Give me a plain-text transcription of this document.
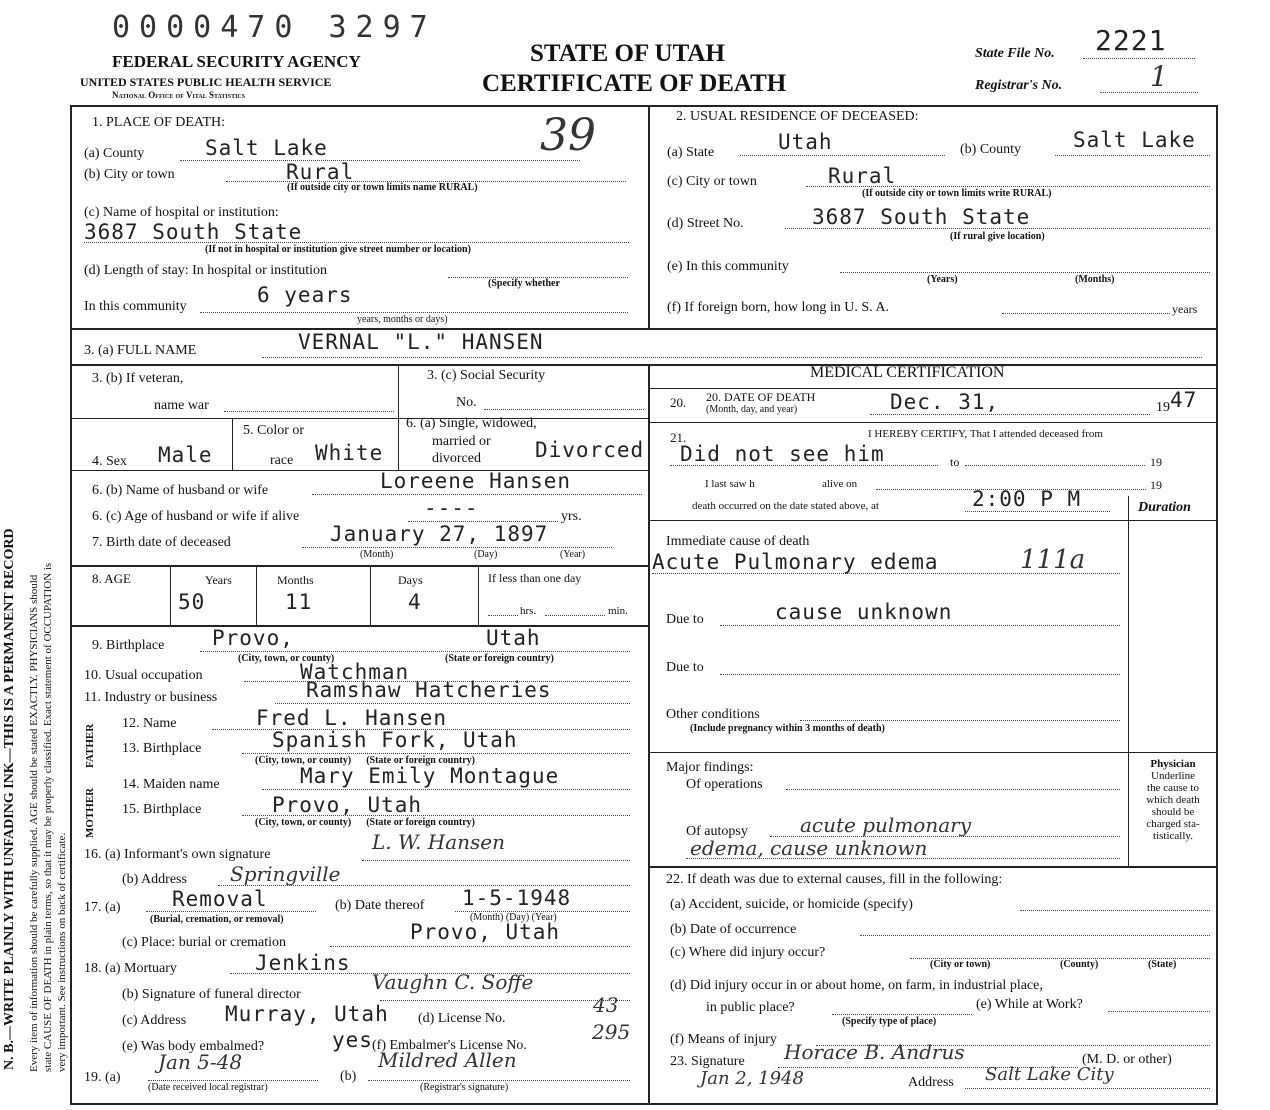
0000470 3297
FEDERAL SECURITY AGENCY
UNITED STATES PUBLIC HEALTH SERVICE
National Office of Vital Statistics
STATE OF UTAH
CERTIFICATE OF DEATH
State File No. 2221
Registrar's No.	1
39
N. B.—WRITE PLAINLY WITH UNFADING INK—THIS IS A PERMANENT RECORD Every item of information should be carefully supplied. AGE should be stated EXACTLY. PHYSICIANS should state CAUSE OF DEATH in plain terms, so that it may be properly classified. Exact statement of OCCUPATION is very important. See instructions on back of certificate.
1. PLACE OF DEATH:
(a) County	Salt Lake
(b) City or town	Rural
(If outside city or town limits name RURAL)
(c) Name of hospital or institution:
3687 South State
(If not in hospital or institution give street number or location)
(d) Length of stay: In hospital or institution
(Specify whether
In this community	6 years
years, months or days)
2. USUAL RESIDENCE OF DECEASED:
(a) State	Utah	(b) County Salt Lake
(c) City or town	Rural
(If outside city or town limits write RURAL)
(d) Street No.	3687 South State
(If rural give location)
(e) In this community
(Years)	(Months)
(f) If foreign born, how long in U. S. A.	years
3. (a) FULL NAME	VERNAL "L." HANSEN
3. (b) If veteran,
name war
3. (c) Social Security
No.
4. Sex Male
5. Color or
race White
6. (a) Single, widowed,
married or
divorced	Divorced
6. (b) Name of husband or wife	Loreene Hansen
6. (c) Age of husband or wife if alive	----	yrs.
7. Birth date of deceased	January 27, 1897
(Month)	(Day)	(Year)
8. AGE	Years	Months	Days	If less than one day
50	11	4	hrs.	min.
9. Birthplace Provo,	Utah
(City, town, or county)	(State or foreign country)
10. Usual occupation	Watchman
11. Industry or business	Ramshaw Hatcheries
FATHER
MOTHER
12. Name	Fred L. Hansen
13. Birthplace	Spanish Fork, Utah
(City, town, or county) (State or foreign country)
14. Maiden name	Mary Emily Montague
15. Birthplace	Provo, Utah
(City, town, or county) (State or foreign country)
16. (a) Informant's own signature
L. W. Hansen
(b) Address Springville
17. (a) Removal
(Burial, cremation, or removal)
(b) Date thereof 1-5-1948
(Month) (Day) (Year)
(c) Place: burial or cremation	Provo, Utah
18. (a) Mortuary	Jenkins
(b) Signature of funeral director
Vaughn C. Soffe
(c) Address Murray, Utah (d) License No.
43
(e) Was body embalmed?	yes (f) Embalmer's License No.
295
19. (a)
Jan 5-48
(Date received local registrar)
(b)
Mildred Allen
(Registrar's signature)
MEDICAL CERTIFICATION
20. DATE OF DEATH
(Month, day, and year)
20.	Dec. 31,	19 47
21.	I HEREBY CERTIFY, That I attended deceased from
Did not see him	to	19
I last saw h	alive on	19
death occurred on the date stated above, at	2:00 P M	Duration
Immediate cause of death
Acute Pulmonary edema	111a
Due to	cause unknown
Due to
Other conditions
(Include pregnancy within 3 months of death)
Major findings:
Of operations
Of autopsy	acute pulmonary
edema, cause unknown
Physician
Underline
the cause to
which death
should be
charged sta-
tistically.
22. If death was due to external causes, fill in the following:
(a) Accident, suicide, or homicide (specify)
(b) Date of occurrence
(c) Where did injury occur?
(City or town)	(County)	(State)
(d) Did injury occur in or about home, on farm, in industrial place,
in public place?	(e) While at Work?
(Specify type of place)
(f) Means of injury
23. Signature Horace B. Andrus	(M. D. or other)
Jan 2, 1948	Address Salt Lake City
